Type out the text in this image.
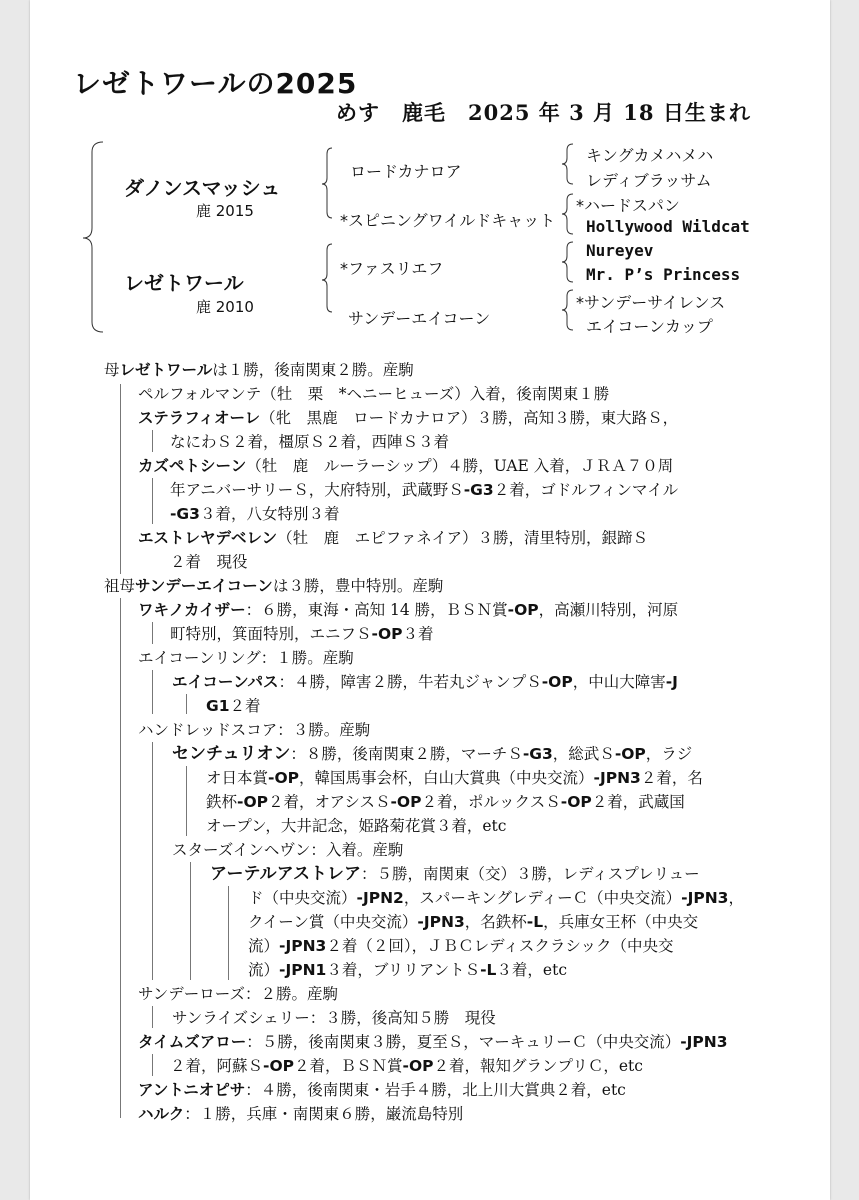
レゼトワールの2025
めす　鹿毛　2025 年 3 月 18 日生まれ
ダノンスマッシュ
鹿 2015
レゼトワール
鹿 2010
ロードカナロア
*スピニングワイルドキャット
*ファスリエフ
サンデーエイコーン
キングカメハメハ
レディブラッサム
*ハードスパン
Hollywood Wildcat
Nureyev
Mr. P’s Princess
*サンデーサイレンス
エイコーンカップ
母レゼトワールは１勝，後南関東２勝。産駒
ペルフォルマンテ（牡　栗　*ヘニーヒューズ）入着，後南関東１勝
ステラフィオーレ（牝　黒鹿　ロードカナロア）３勝，高知３勝，東大路Ｓ，
なにわＳ２着，橿原Ｓ２着，西陣Ｓ３着
カズペトシーン（牡　鹿　ルーラーシップ）４勝，UAE 入着，ＪＲＡ７０周
年アニバーサリーＳ，大府特別，武蔵野Ｓ-G3２着，ゴドルフィンマイル
-G3３着，八女特別３着
エストレヤデベレン（牡　鹿　エピファネイア）３勝，清里特別，銀蹄Ｓ
２着　現役
祖母サンデーエイコーンは３勝，豊中特別。産駒
ワキノカイザー：６勝，東海・高知 14 勝，ＢＳＮ賞-OP，高瀬川特別，河原
町特別，箕面特別，エニフＳ-OP３着
エイコーンリング：１勝。産駒
エイコーンパス：４勝，障害２勝，牛若丸ジャンプＳ-OP，中山大障害-J
G1２着
ハンドレッドスコア：３勝。産駒
センチュリオン：８勝，後南関東２勝，マーチＳ-G3，総武Ｓ-OP，ラジ
オ日本賞-OP，韓国馬事会杯，白山大賞典（中央交流）-JPN3２着，名
鉄杯-OP２着，オアシスＳ-OP２着，ポルックスＳ-OP２着，武蔵国
オープン，大井記念，姫路菊花賞３着，etc
スターズインヘヴン：入着。産駒
アーテルアストレア：５勝，南関東（交）３勝，レディスプレリュー
ド（中央交流）-JPN2，スパーキングレディーＣ（中央交流）-JPN3，
クイーン賞（中央交流）-JPN3，名鉄杯-L，兵庫女王杯（中央交
流）-JPN3２着（２回），ＪＢＣレディスクラシック（中央交
流）-JPN1３着，ブリリアントＳ-L３着，etc
サンデーローズ：２勝。産駒
サンライズシェリー：３勝，後高知５勝　現役
タイムズアロー：５勝，後南関東３勝，夏至Ｓ，マーキュリーＣ（中央交流）-JPN3
２着，阿蘇Ｓ-OP２着，ＢＳＮ賞-OP２着，報知グランプリＣ，etc
アントニオピサ：４勝，後南関東・岩手４勝，北上川大賞典２着，etc
ハルク：１勝，兵庫・南関東６勝，巌流島特別
